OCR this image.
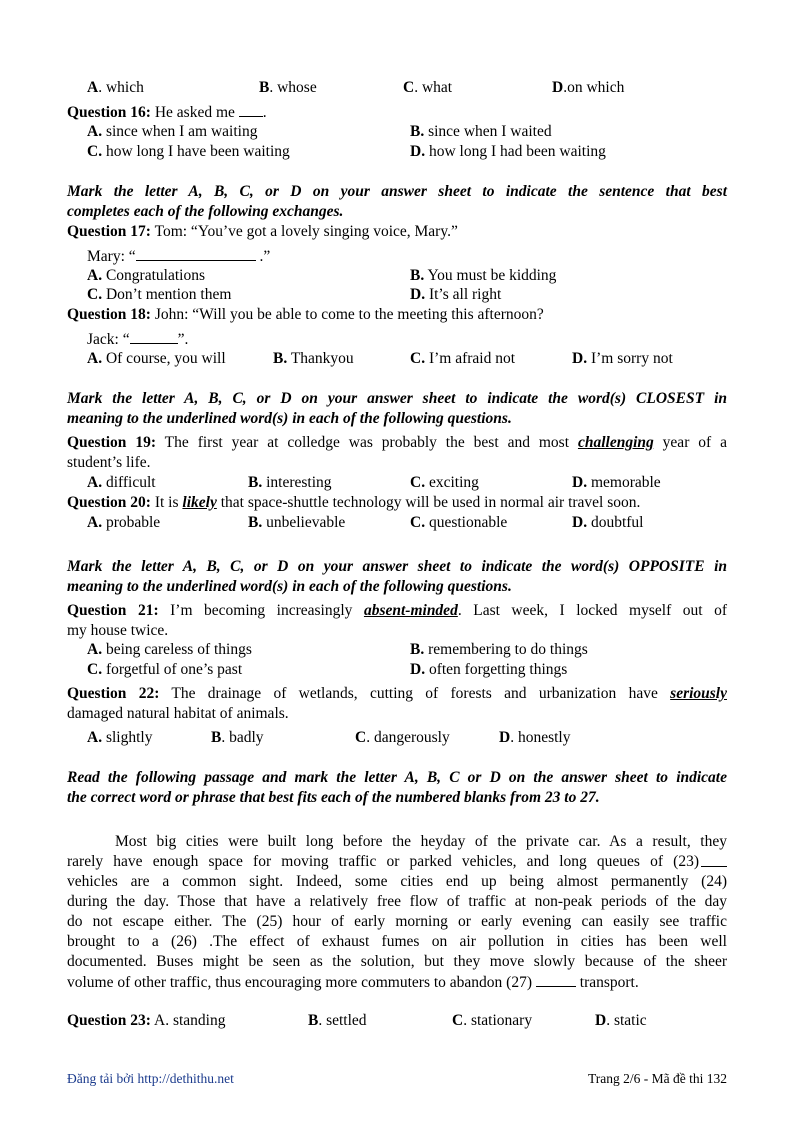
A. which	B. whose	C. what	D.on which
Question 16: He asked me .
A. since when I am waiting	B. since when I waited
C. how long I have been waiting	D. how long I had been waiting
Mark the letter A, B, C, or D on your answer sheet to indicate the sentence that best
completes each of the following exchanges.
Question 17: Tom: “You’ve got a lovely singing voice, Mary.”
Mary: “	.”
A. Congratulations	B. You must be kidding
C. Don’t mention them	D. It’s all right
Question 18: John: “Will you be able to come to the meeting this afternoon?
Jack: “	”.
A. Of course, you will	B. Thankyou	C. I’m afraid not	D. I’m sorry not
Mark the letter A, B, C, or D on your answer sheet to indicate the word(s) CLOSEST in
meaning to the underlined word(s) in each of the following questions.
Question 19: The first year at colledge was probably the best and most challenging year of a
student’s life.
A. difficult	B. interesting	C. exciting	D. memorable
Question 20: It is likely that space-shuttle technology will be used in normal air travel soon.
A. probable	B. unbelievable	C. questionable	D. doubtful
Mark the letter A, B, C, or D on your answer sheet to indicate the word(s) OPPOSITE in
meaning to the underlined word(s) in each of the following questions.
Question 21: I’m becoming increasingly absent-minded. Last week, I locked myself out of
my house twice.
A. being careless of things	B. remembering to do things
C. forgetful of one’s past	D. often forgetting things
Question 22: The drainage of wetlands, cutting of forests and urbanization have seriously
damaged natural habitat of animals.
A. slightly	B. badly	C. dangerously	D. honestly
Read the following passage and mark the letter A, B, C or D on the answer sheet to indicate
the correct word or phrase that best fits each of the numbered blanks from 23 to 27.
Most big cities were built long before the heyday of the private car. As a result, they
rarely have enough space for moving traffic or parked vehicles, and long queues of (23)
vehicles are a common sight. Indeed, some cities end up being almost permanently (24)
during the day. Those that have a relatively free flow of traffic at non-peak periods of the day
do not escape either. The (25) hour of early morning or early evening can easily see traffic
brought to a (26) .The effect of exhaust fumes on air pollution in cities has been well
documented. Buses might be seen as the solution, but they move slowly because of the sheer
volume of other traffic, thus encouraging more commuters to abandon (27)	transport.
Question 23: A. standing	B. settled	C. stationary	D. static
Đăng tải bởi http://dethithu.net	Trang 2/6 - Mã đề thi 132
